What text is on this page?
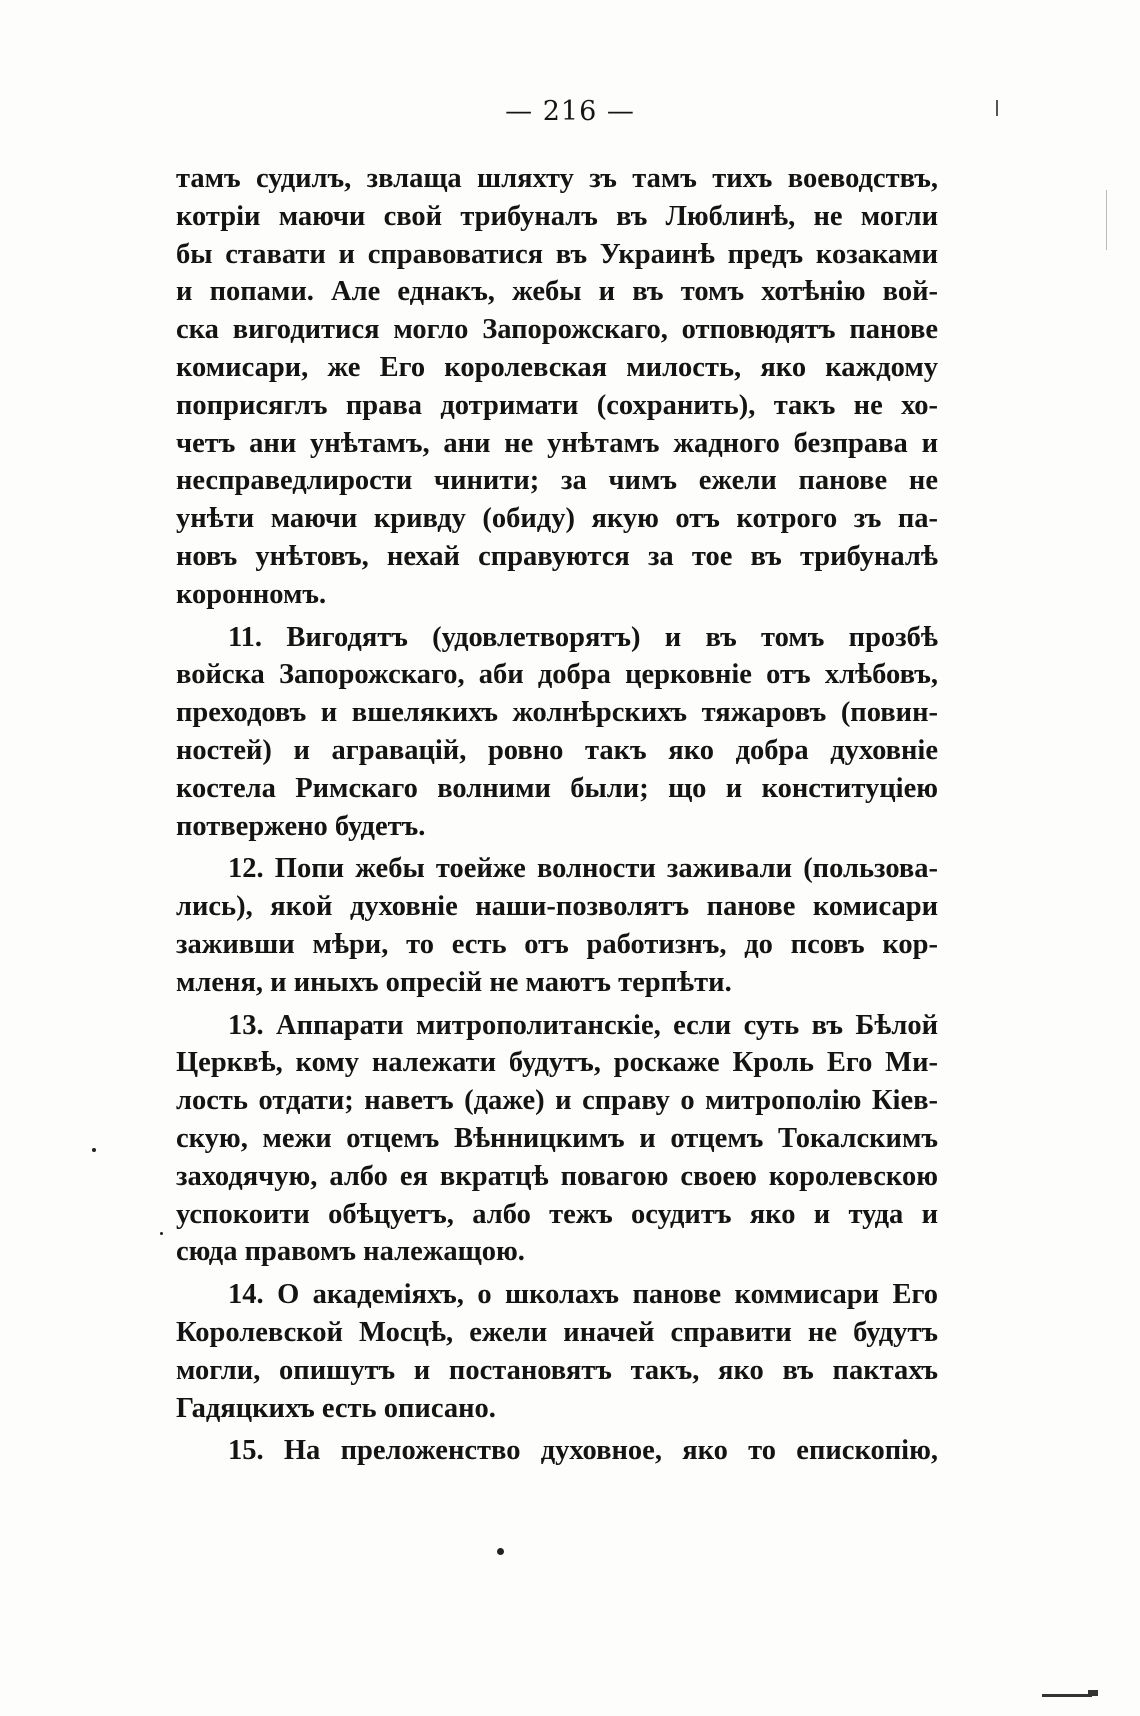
— 216 —

тамъ судилъ, звлаща шляхту зъ тамъ тихъ воеводствъ,
котріи маючи свой трибуналъ въ Люблинѣ, не могли
бы ставати и справоватися въ Украинѣ предъ козаками
и попами. Але еднакъ, жебы и въ томъ хотѣнію вой-
ска вигодитися могло Запорожскаго, отповюдятъ панове
комисари, же Его королевская милость, яко каждому
поприсяглъ права дотримати (сохранить), такъ не хо-
четъ ани унѣтамъ, ани не унѣтамъ жадного безправа и
несправедлирости чинити; за чимъ ежели панове не
унѣти маючи кривду (обиду) якую отъ котрого зъ па-
новъ унѣтовъ, нехай справуются за тое въ трибуналѣ
коронномъ.

11. Вигодятъ (удовлетворятъ) и въ томъ прозбѣ
войска Запорожскаго, аби добра церковніе отъ хлѣбовъ,
преходовъ и вшелякихъ жолнѣрскихъ тяжаровъ (повин-
ностей) и агравацій, ровно такъ яко добра духовніе
костела Римскаго волними были; що и конституціею
потвержено будетъ.

12. Попи жебы тоейже волности заживали (пользова-
лись), якой духовніе наши-позволятъ панове комисари
заживши мѣри, то есть отъ работизнъ, до псовъ кор-
мленя, и иныхъ опресій не маютъ терпѣти.

13. Аппарати митрополитанскіе, если суть въ Бѣлой
Церквѣ, кому належати будутъ, роскаже Кроль Его Ми-
лость отдати; наветъ (даже) и справу о митрополію Кіев-
скую, межи отцемъ Вѣнницкимъ и отцемъ Токалскимъ
заходячую, албо ея вкратцѣ повагою своею королевскою
успокоити обѣцуетъ, албо тежъ осудитъ яко и туда и
сюда правомъ належащою.

14. О академіяхъ, о школахъ панове коммисари Его
Королевской Мосцѣ, ежели иначей справити не будутъ
могли, опишутъ и постановятъ такъ, яко въ пактахъ
Гадяцкихъ есть описано.

15. На преложенство духовное, яко то епископію,
